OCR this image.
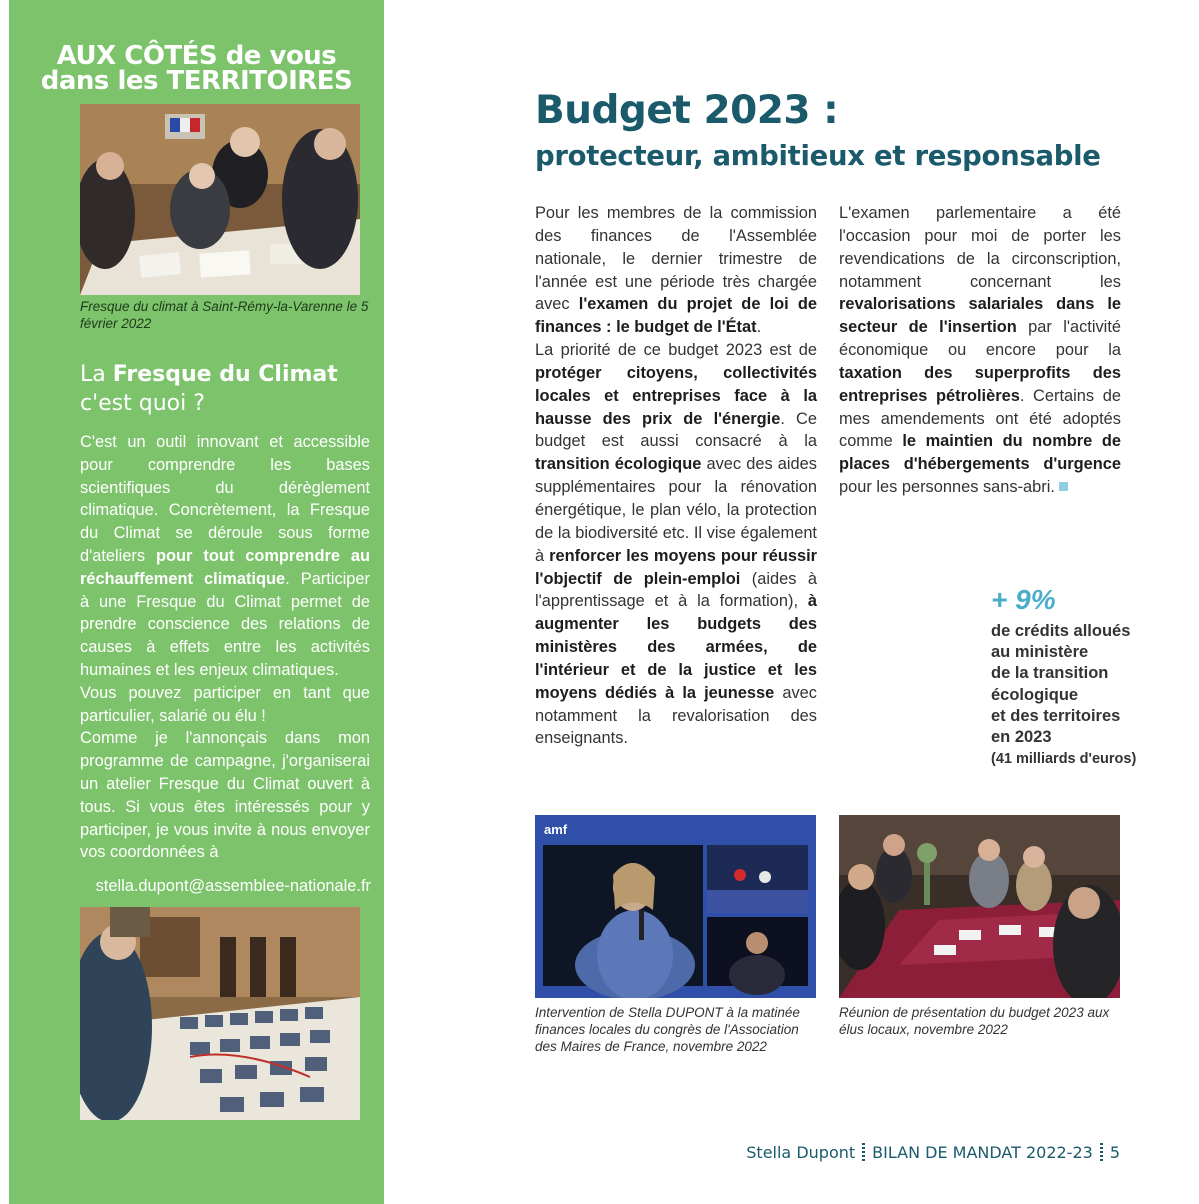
AUX CÔTÉS de vous
dans les TERRITOIRES

Fresque du climat à Saint-Rémy-la-Varenne le 5 février 2022

La Fresque du Climat
c'est quoi ?
C'est un outil innovant et accessible pour comprendre les bases scientifiques du dérèglement climatique. Concrètement, la Fresque du Climat se déroule sous forme d'ateliers pour tout comprendre au réchauffement climatique. Participer à une Fresque du Climat permet de prendre conscience des relations de causes à effets entre les activités humaines et les enjeux climatiques.
Vous pouvez participer en tant que particulier, salarié ou élu !
Comme je l'annonçais dans mon programme de campagne, j'organiserai un atelier Fresque du Climat ouvert à tous. Si vous êtes intéressés pour y participer, je vous invite à nous envoyer vos coordonnées à
stella.dupont@assemblee-nationale.fr
Budget 2023 :
protecteur, ambitieux et responsable
Pour les membres de la commission des finances de l'Assemblée nationale, le dernier trimestre de l'année est une période très chargée avec l'examen du projet de loi de finances : le budget de l'État.
La priorité de ce budget 2023 est de protéger citoyens, collectivités locales et entreprises face à la hausse des prix de l'énergie. Ce budget est aussi consacré à la transition écologique avec des aides supplémentaires pour la rénovation énergétique, le plan vélo, la protection de la biodiversité etc. Il vise également à renforcer les moyens pour réussir l'objectif de plein-emploi (aides à l'apprentissage et à la formation), à augmenter les budgets des ministères des armées, de l'intérieur et de la justice et les moyens dédiés à la jeunesse avec notamment la revalorisation des enseignants.
L'examen parlementaire a été l'occasion pour moi de porter les revendications de la circonscription, notamment concernant les revalorisations salariales dans le secteur de l'insertion par l'activité économique ou encore pour la taxation des superprofits des entreprises pétrolières. Certains de mes amendements ont été adoptés comme le maintien du nombre de places d'hébergements d'urgence pour les personnes sans-abri.
+ 9%
de crédits alloués
au ministère
de la transition
écologique
et des territoires
en 2023
(41 milliards d'euros)
amf

Intervention de Stella DUPONT à la matinée finances locales du congrès de l'Association des Maires de France, novembre 2022

Réunion de présentation du budget 2023 aux élus locaux, novembre 2022

Stella Dupont BILAN DE MANDAT 2022-23 5
